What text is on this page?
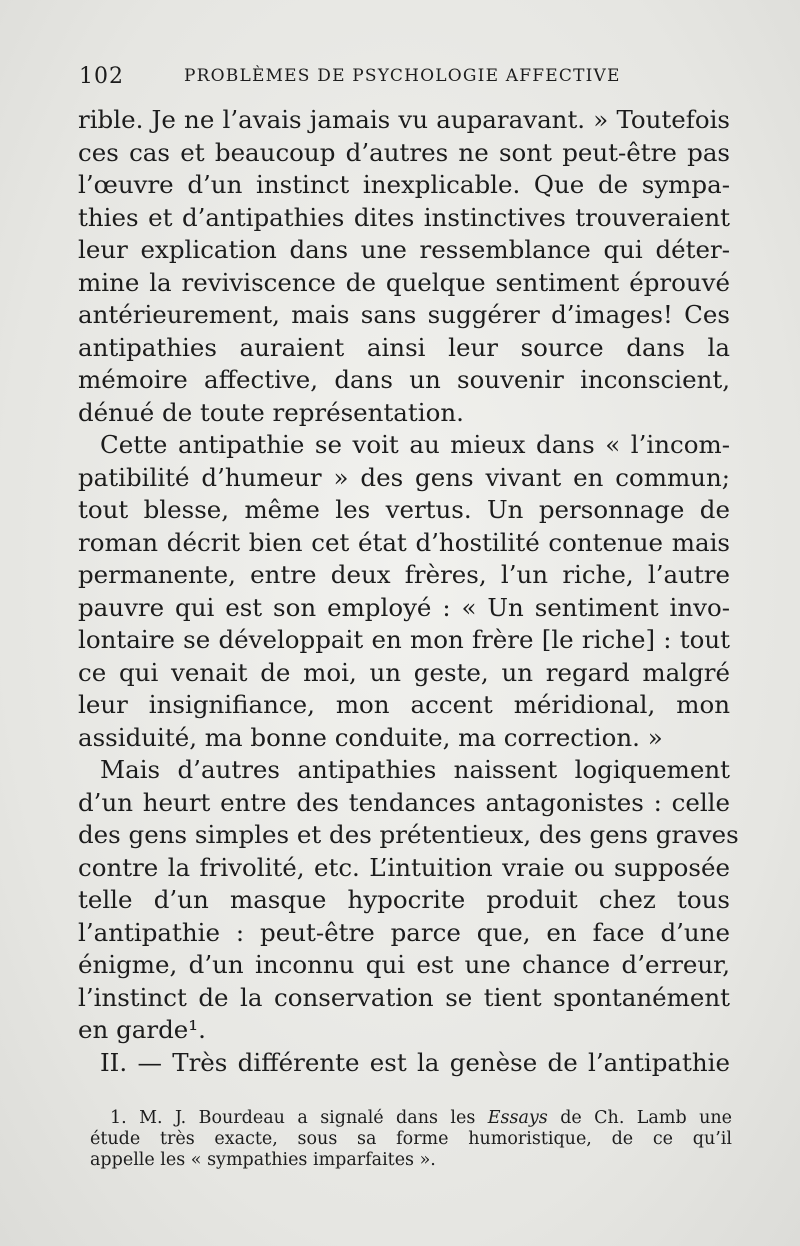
102	PROBLÈMES DE PSYCHOLOGIE AFFECTIVE
rible. Je ne l’avais jamais vu auparavant. » Toutefois
ces cas et beaucoup d’autres ne sont peut-être pas
l’œuvre d’un instinct inexplicable. Que de sympa-
thies et d’antipathies dites instinctives trouveraient
leur explication dans une ressemblance qui déter-
mine la reviviscence de quelque sentiment éprouvé
antérieurement, mais sans suggérer d’images! Ces
antipathies auraient ainsi leur source dans la
mémoire affective, dans un souvenir inconscient,
dénué de toute représentation.
Cette antipathie se voit au mieux dans « l’incom-
patibilité d’humeur » des gens vivant en commun;
tout blesse, même les vertus. Un personnage de
roman décrit bien cet état d’hostilité contenue mais
permanente, entre deux frères, l’un riche, l’autre
pauvre qui est son employé : « Un sentiment invo-
lontaire se développait en mon frère [le riche] : tout
ce qui venait de moi, un geste, un regard malgré
leur insignifiance, mon accent méridional, mon
assiduité, ma bonne conduite, ma correction. »
Mais d’autres antipathies naissent logiquement
d’un heurt entre des tendances antagonistes : celle
des gens simples et des prétentieux, des gens graves
contre la frivolité, etc. L’intuition vraie ou supposée
telle d’un masque hypocrite produit chez tous
l’antipathie : peut-être parce que, en face d’une
énigme, d’un inconnu qui est une chance d’erreur,
l’instinct de la conservation se tient spontanément
en garde¹.
II. — Très différente est la genèse de l’antipathie
1. M. J. Bourdeau a signalé dans les Essays de Ch. Lamb une
étude très exacte, sous sa forme humoristique, de ce qu’il
appelle les « sympathies imparfaites ».
